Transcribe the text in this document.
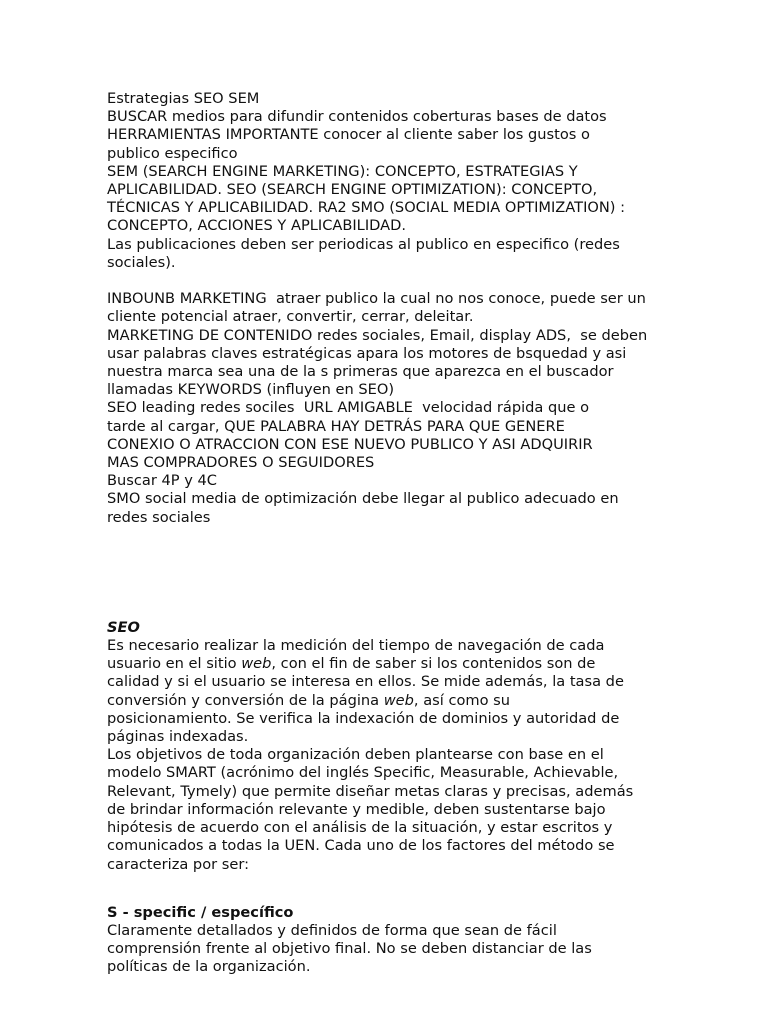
Estrategias SEO SEM

BUSCAR medios para difundir contenidos coberturas bases de datos

HERRAMIENTAS IMPORTANTE conocer al cliente saber los gustos o

publico especifico

SEM (SEARCH ENGINE MARKETING): CONCEPTO, ESTRATEGIAS Y

APLICABILIDAD. SEO (SEARCH ENGINE OPTIMIZATION): CONCEPTO,

TÉCNICAS Y APLICABILIDAD. RA2 SMO (SOCIAL MEDIA OPTIMIZATION) :

CONCEPTO, ACCIONES Y APLICABILIDAD.

Las publicaciones deben ser periodicas al publico en especifico (redes

sociales).

INBOUNB MARKETING  atraer publico la cual no nos conoce, puede ser un

cliente potencial atraer, convertir, cerrar, deleitar.

MARKETING DE CONTENIDO redes sociales, Email, display ADS,  se deben

usar palabras claves estratégicas apara los motores de bsquedad y asi

nuestra marca sea una de la s primeras que aparezca en el buscador

llamadas KEYWORDS (influyen en SEO)

SEO leading redes sociles  URL AMIGABLE  velocidad rápida que o

tarde al cargar, QUE PALABRA HAY DETRÁS PARA QUE GENERE

CONEXIO O ATRACCION CON ESE NUEVO PUBLICO Y ASI ADQUIRIR

MAS COMPRADORES O SEGUIDORES

Buscar 4P y 4C

SMO social media de optimización debe llegar al publico adecuado en

redes sociales

SEO

Es necesario realizar la medición del tiempo de navegación de cada

usuario en el sitio web, con el fin de saber si los contenidos son de

calidad y si el usuario se interesa en ellos. Se mide además, la tasa de

conversión y conversión de la página web, así como su

posicionamiento. Se verifica la indexación de dominios y autoridad de

páginas indexadas.

Los objetivos de toda organización deben plantearse con base en el

modelo SMART (acrónimo del inglés Specific, Measurable, Achievable,

Relevant, Tymely) que permite diseñar metas claras y precisas, además

de brindar información relevante y medible, deben sustentarse bajo

hipótesis de acuerdo con el análisis de la situación, y estar escritos y

comunicados a todas la UEN. Cada uno de los factores del método se

caracteriza por ser:

S - specific / específico

Claramente detallados y definidos de forma que sean de fácil

comprensión frente al objetivo final. No se deben distanciar de las

políticas de la organización.
